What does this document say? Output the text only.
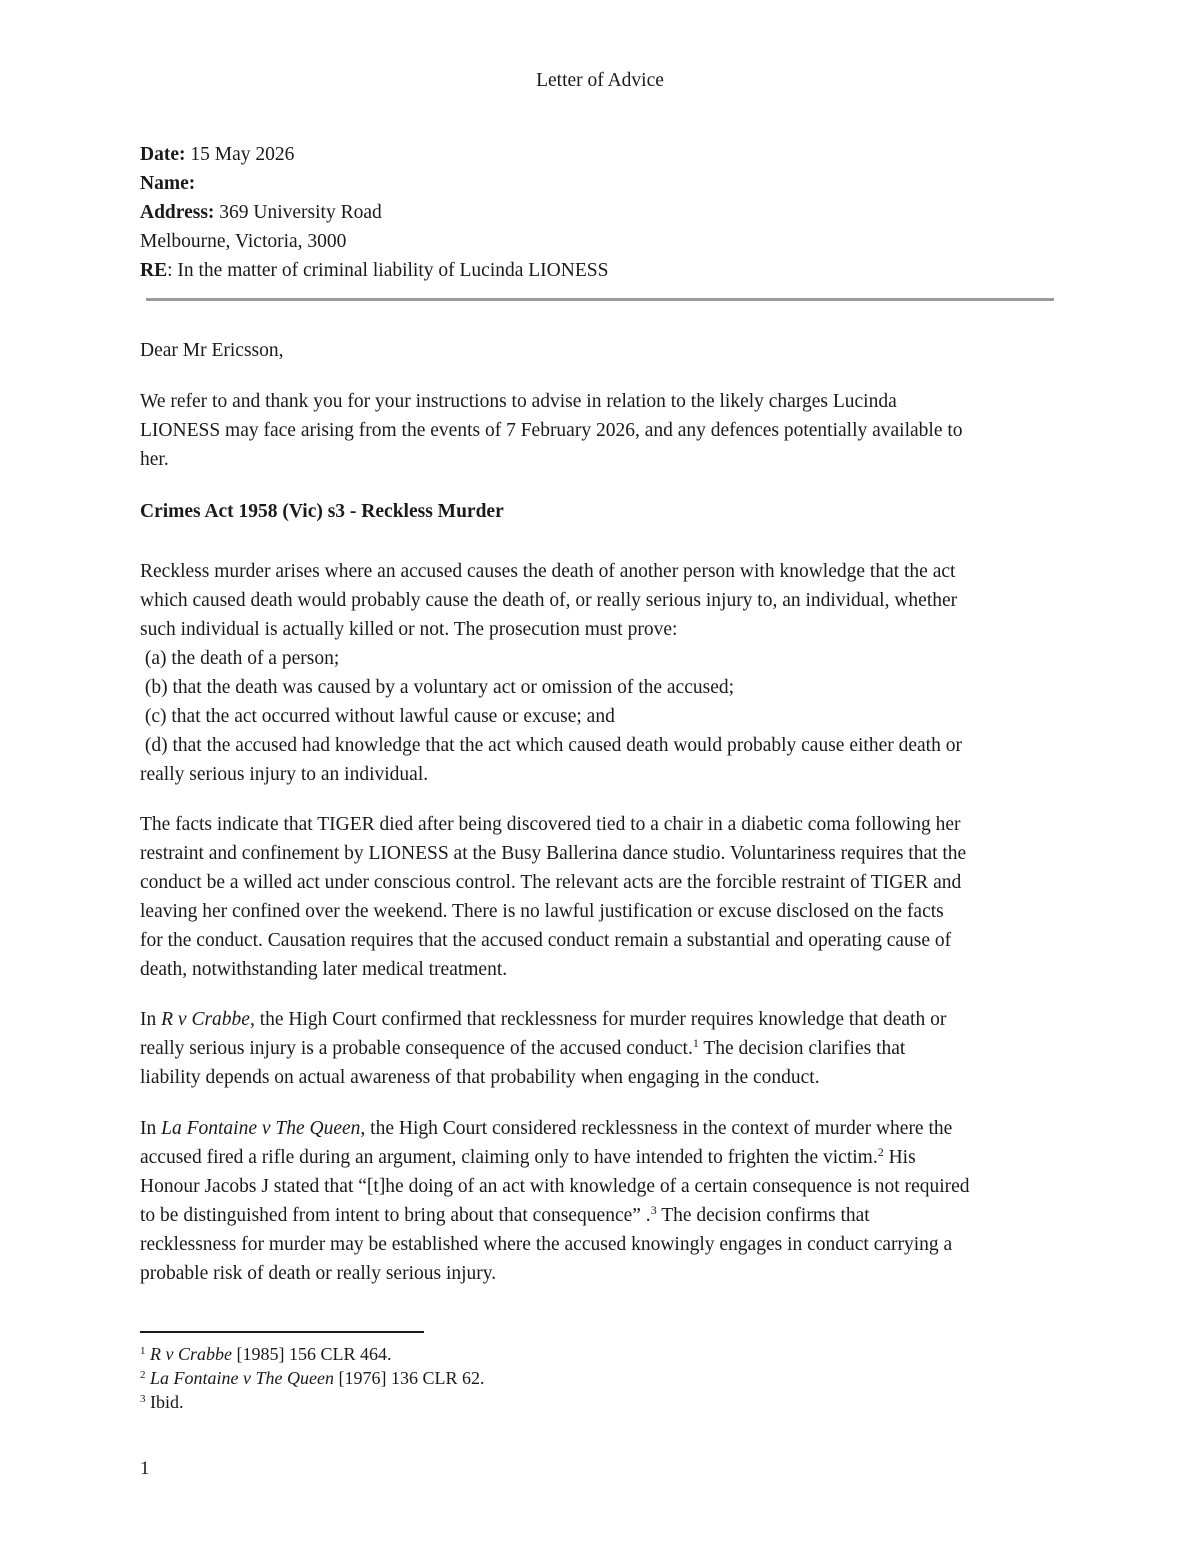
Letter of Advice
Date: 15 May 2026
Name:
Address: 369 University Road
Melbourne, Victoria, 3000
RE: In the matter of criminal liability of Lucinda LIONESS
Dear Mr Ericsson,
We refer to and thank you for your instructions to advise in relation to the likely charges Lucinda
LIONESS may face arising from the events of 7 February 2026, and any defences potentially available to
her.
Crimes Act 1958 (Vic) s3 - Reckless Murder
Reckless murder arises where an accused causes the death of another person with knowledge that the act
which caused death would probably cause the death of, or really serious injury to, an individual, whether
such individual is actually killed or not. The prosecution must prove:
(a) the death of a person;
(b) that the death was caused by a voluntary act or omission of the accused;
(c) that the act occurred without lawful cause or excuse; and
(d) that the accused had knowledge that the act which caused death would probably cause either death or
really serious injury to an individual.
The facts indicate that TIGER died after being discovered tied to a chair in a diabetic coma following her
restraint and confinement by LIONESS at the Busy Ballerina dance studio. Voluntariness requires that the
conduct be a willed act under conscious control. The relevant acts are the forcible restraint of TIGER and
leaving her confined over the weekend. There is no lawful justification or excuse disclosed on the facts
for the conduct. Causation requires that the accused conduct remain a substantial and operating cause of
death, notwithstanding later medical treatment.
In R v Crabbe, the High Court confirmed that recklessness for murder requires knowledge that death or
really serious injury is a probable consequence of the accused conduct.$^1$ The decision clarifies that
liability depends on actual awareness of that probability when engaging in the conduct.
In La Fontaine v The Queen, the High Court considered recklessness in the context of murder where the
accused fired a rifle during an argument, claiming only to have intended to frighten the victim.$^2$ His
Honour Jacobs J stated that “[t]he doing of an act with knowledge of a certain consequence is not required
to be distinguished from intent to bring about that consequence” .$^3$ The decision confirms that
recklessness for murder may be established where the accused knowingly engages in conduct carrying a
probable risk of death or really serious injury.
$^1$ R v Crabbe [1985] 156 CLR 464.
$^2$ La Fontaine v The Queen [1976] 136 CLR 62.
$^3$ Ibid.
1
